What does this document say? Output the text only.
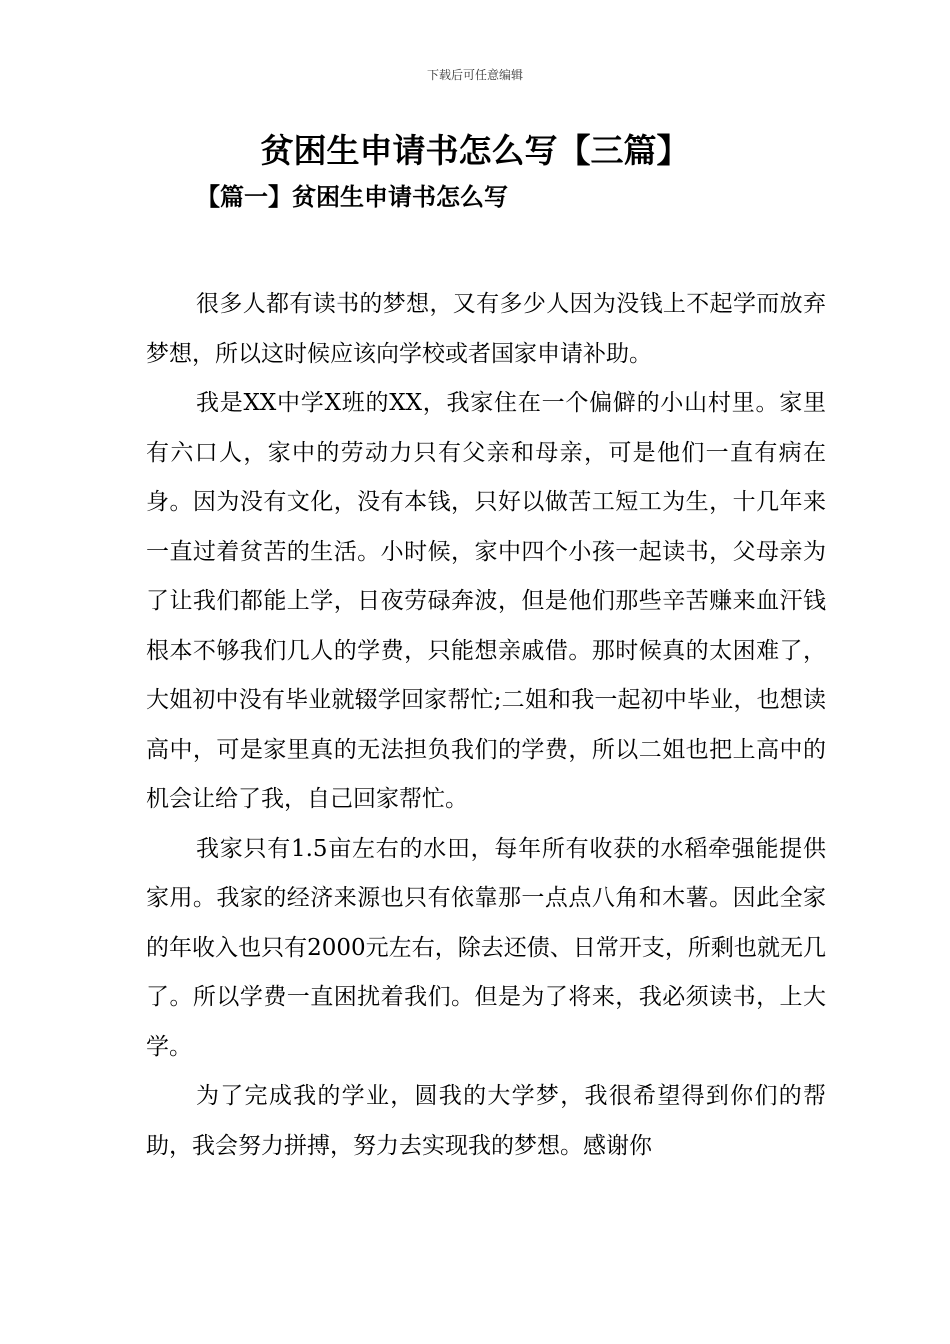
下载后可任意编辑
贫困生申请书怎么写【三篇】
【篇一】贫困生申请书怎么写

很多人都有读书的梦想，又有多少人因为没钱上不起学而放弃梦想，所以这时候应该向学校或者国家申请补助。

我是XX中学X班的XX，我家住在一个偏僻的小山村里。家里有六口人，家中的劳动力只有父亲和母亲，可是他们一直有病在身。因为没有文化，没有本钱，只好以做苦工短工为生，十几年来一直过着贫苦的生活。小时候，家中四个小孩一起读书，父母亲为了让我们都能上学，日夜劳碌奔波，但是他们那些辛苦赚来血汗钱根本不够我们几人的学费，只能想亲戚借。那时候真的太困难了，大姐初中没有毕业就辍学回家帮忙;二姐和我一起初中毕业，也想读高中，可是家里真的无法担负我们的学费，所以二姐也把上高中的机会让给了我，自己回家帮忙。

我家只有1.5亩左右的水田，每年所有收获的水稻牵强能提供家用。我家的经济来源也只有依靠那一点点八角和木薯。因此全家的年收入也只有2000元左右，除去还债、日常开支，所剩也就无几了。所以学费一直困扰着我们。但是为了将来，我必须读书，上大学。

为了完成我的学业，圆我的大学梦，我很希望得到你们的帮助，我会努力拼搏，努力去实现我的梦想。感谢你
